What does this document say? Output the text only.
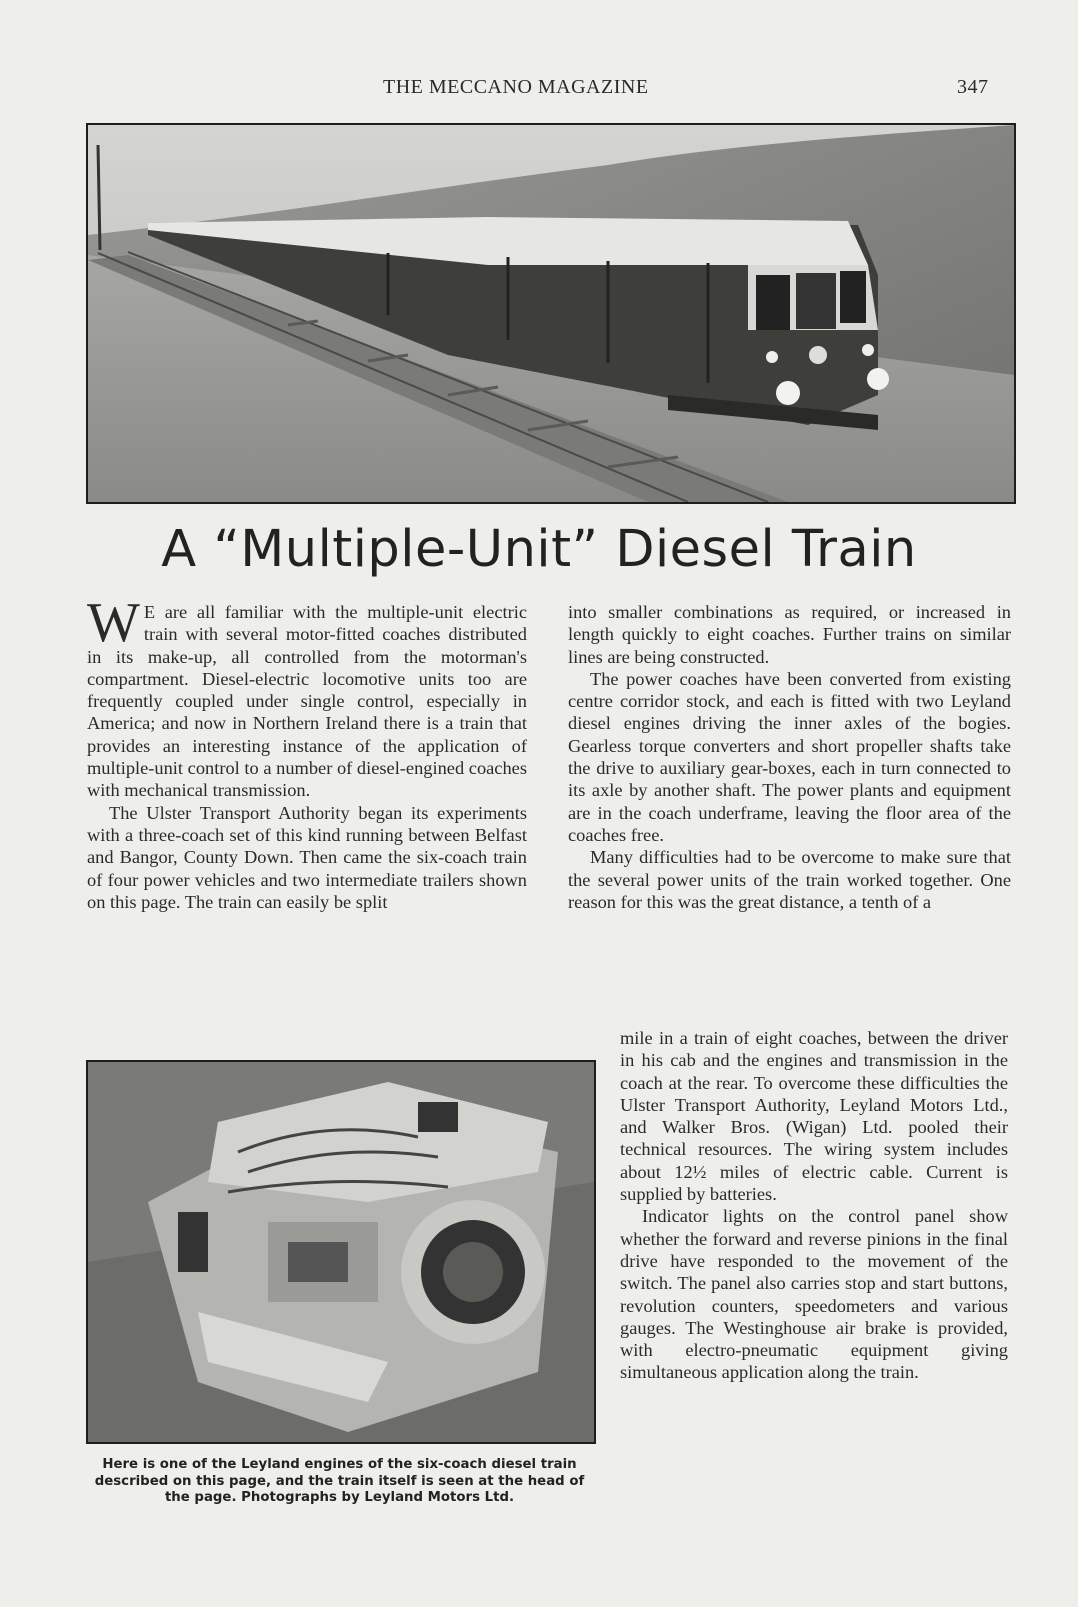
THE MECCANO MAGAZINE	347
A “Multiple-Unit” Diesel Train

W E are all familiar with the multiple-unit electric train with several motor-fitted coaches distributed in its make-up, all controlled from the motorman's compartment. Diesel-electric locomotive units too are frequently coupled under single control, especially in America; and now in Northern Ireland there is a train that provides an interesting instance of the application of multiple-unit control to a number of diesel-engined coaches with mechanical transmission.

The Ulster Transport Authority began its experiments with a three-coach set of this kind running between Belfast and Bangor, County Down. Then came the six-coach train of four power vehicles and two intermediate trailers shown on this page. The train can easily be split

into smaller combinations as required, or increased in length quickly to eight coaches. Further trains on similar lines are being constructed.

The power coaches have been converted from existing centre corridor stock, and each is fitted with two Leyland diesel engines driving the inner axles of the bogies. Gearless torque converters and short propeller shafts take the drive to auxiliary gear-boxes, each in turn connected to its axle by another shaft. The power plants and equipment are in the coach underframe, leaving the floor area of the coaches free.

Many difficulties had to be overcome to make sure that the several power units of the train worked together. One reason for this was the great distance, a tenth of a

mile in a train of eight coaches, between the driver in his cab and the engines and transmission in the coach at the rear. To overcome these difficulties the Ulster Transport Authority, Leyland Motors Ltd., and Walker Bros. (Wigan) Ltd. pooled their technical resources. The wiring system includes about 12½ miles of electric cable. Current is supplied by batteries.

Indicator lights on the control panel show whether the forward and reverse pinions in the final drive have responded to the movement of the switch. The panel also carries stop and start buttons, revolution counters, speedometers and various gauges. The Westinghouse air brake is provided, with electro-pneumatic equipment giving simultaneous application along the train.

Here is one of the Leyland engines of the six-coach diesel train described on this page, and the train itself is seen at the head of the page. Photographs by Leyland Motors Ltd.
